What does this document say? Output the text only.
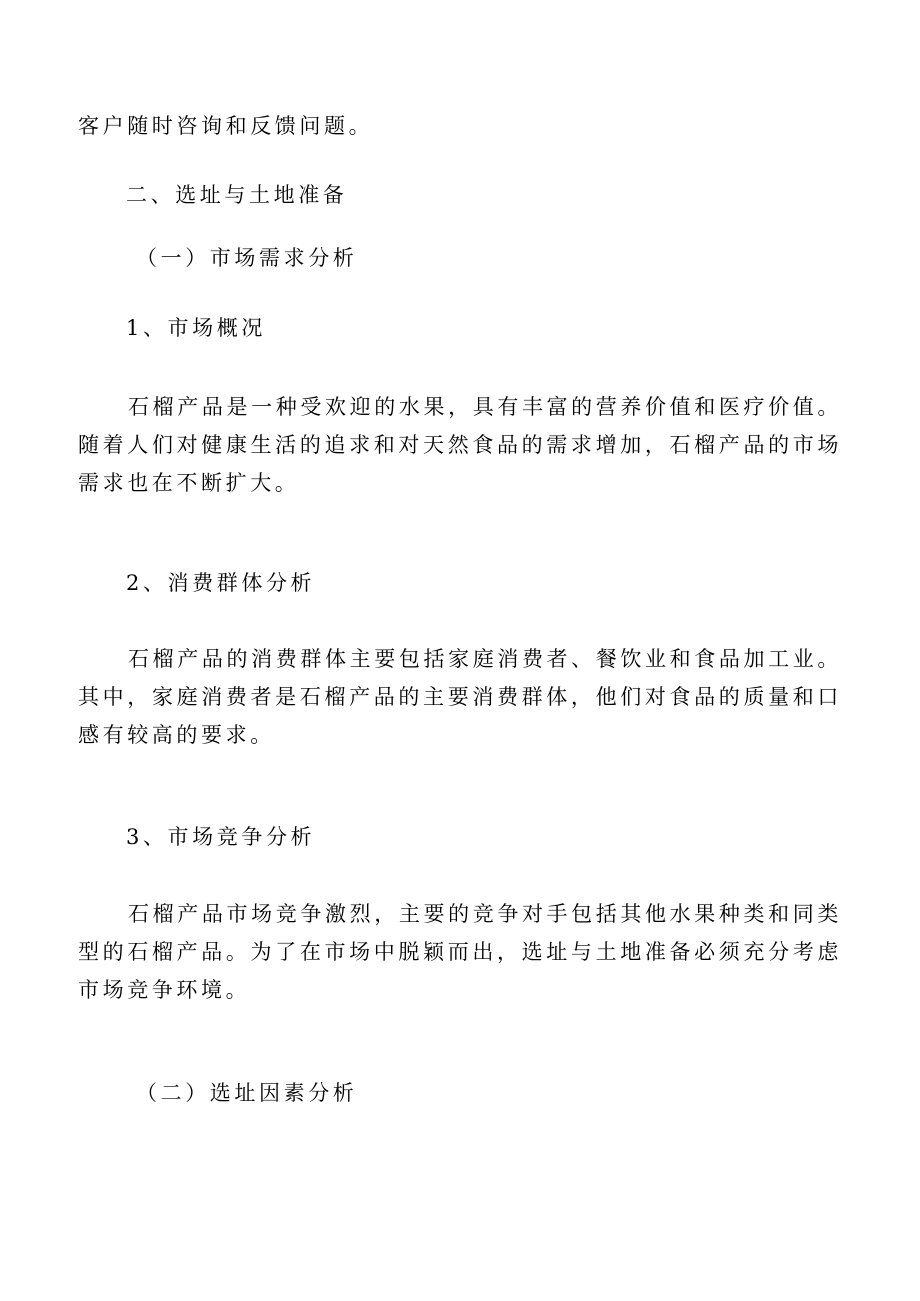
客户随时咨询和反馈问题。

二、选址与土地准备
（一）市场需求分析
1、市场概况

石榴产品是一种受欢迎的水果，具有丰富的营养价值和医疗价值。随着人们对健康生活的追求和对天然食品的需求增加，石榴产品的市场需求也在不断扩大。

2、消费群体分析

石榴产品的消费群体主要包括家庭消费者、餐饮业和食品加工业。其中，家庭消费者是石榴产品的主要消费群体，他们对食品的质量和口感有较高的要求。

3、市场竞争分析

石榴产品市场竞争激烈，主要的竞争对手包括其他水果种类和同类型的石榴产品。为了在市场中脱颖而出，选址与土地准备必须充分考虑市场竞争环境。

（二）选址因素分析
